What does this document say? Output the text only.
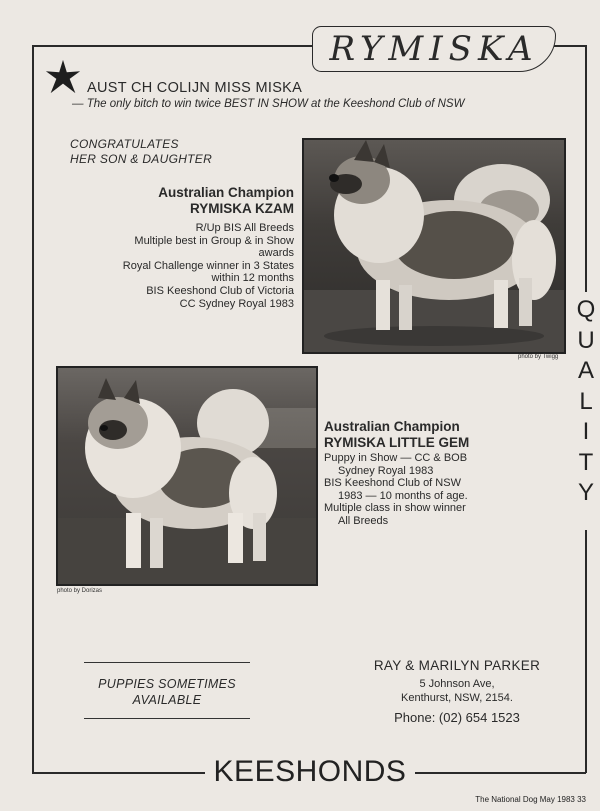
RYMISKA
AUST CH COLIJN MISS MISKA
— The only bitch to win twice BEST IN SHOW at the Keeshond Club of NSW
CONGRATULATES
HER SON & DAUGHTER
Australian Champion
RYMISKA KZAM
R/Up BIS All Breeds
Multiple best in Group & in Show
awards
Royal Challenge winner in 3 States
within 12 months
BIS Keeshond Club of Victoria
CC Sydney Royal 1983
photo by Twigg
photo by Dorizas
Australian Champion
RYMISKA LITTLE GEM
Puppy in Show — CC & BOB
Sydney Royal 1983
BIS Keeshond Club of NSW
1983 — 10 months of age.
Multiple class in show winner
All Breeds
Q
U
A
L
I
T
Y
PUPPIES SOMETIMES
AVAILABLE
RAY & MARILYN PARKER
5 Johnson Ave,
Kenthurst, NSW, 2154.
Phone: (02) 654 1523
KEESHONDS
The National Dog May 1983 33
